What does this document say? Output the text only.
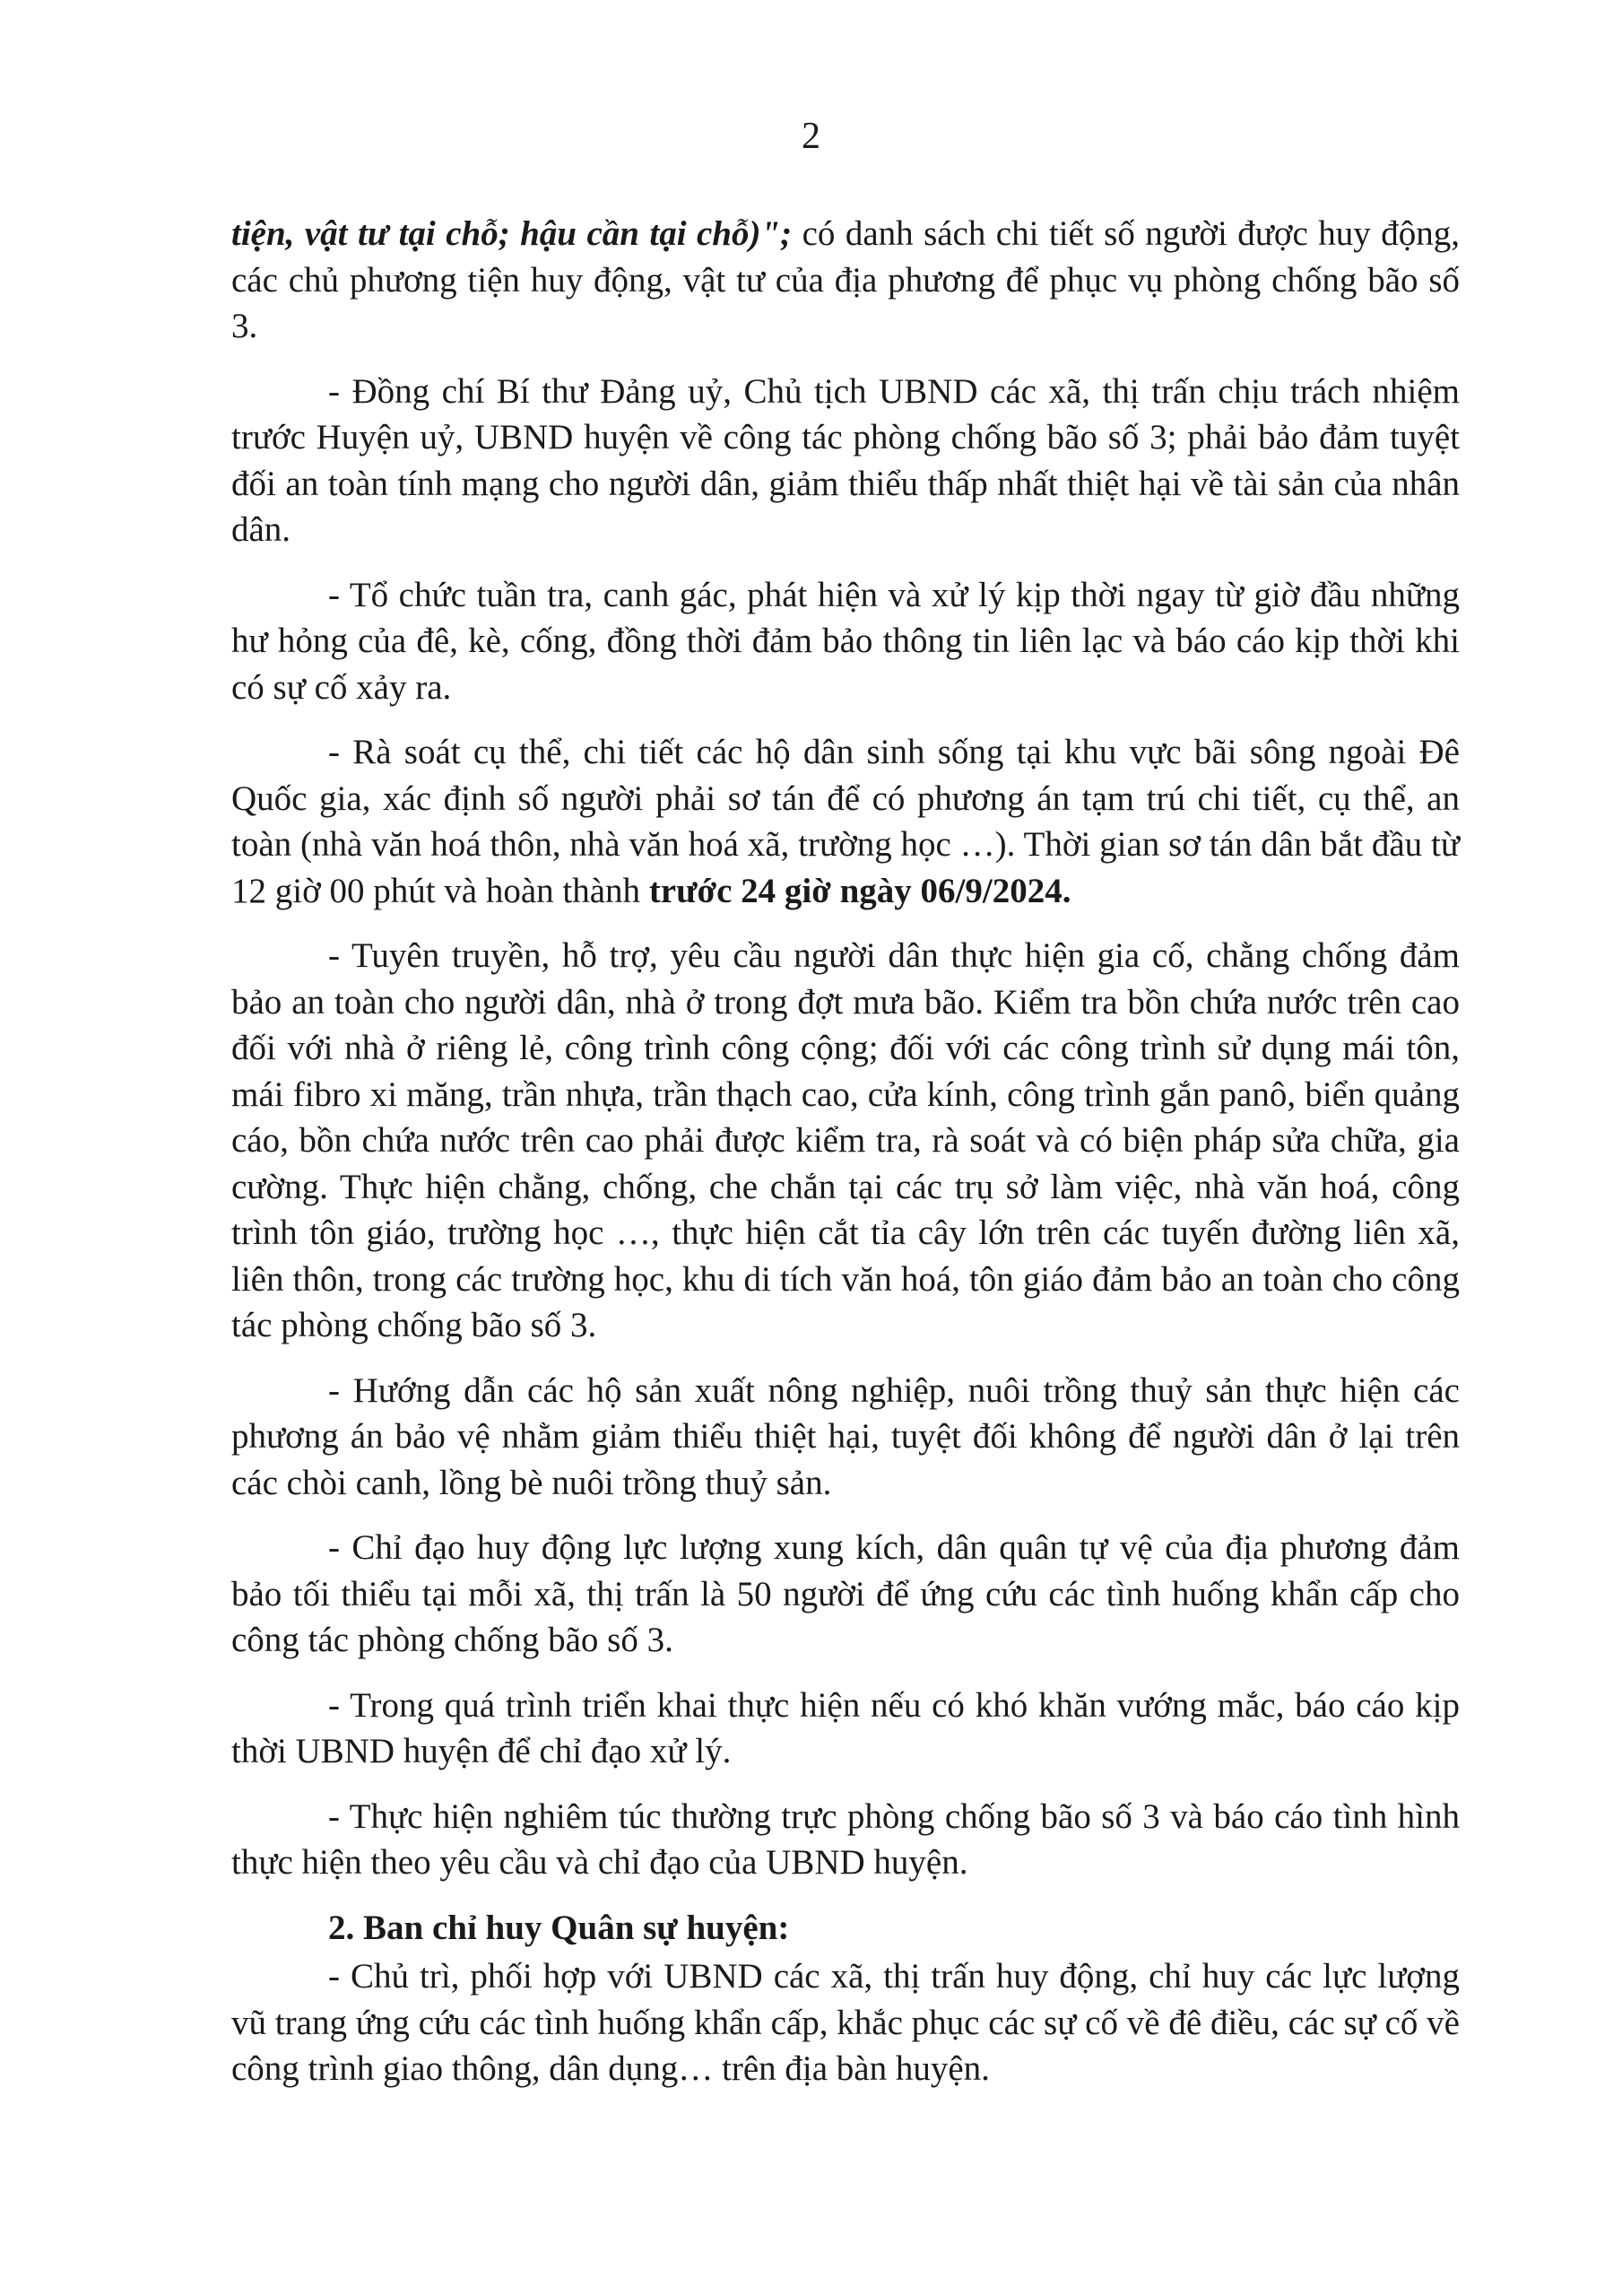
2

tiện, vật tư tại chỗ; hậu cần tại chỗ)"; có danh sách chi tiết số người được huy động, các chủ phương tiện huy động, vật tư của địa phương để phục vụ phòng chống bão số 3.

- Đồng chí Bí thư Đảng uỷ, Chủ tịch UBND các xã, thị trấn chịu trách nhiệm trước Huyện uỷ, UBND huyện về công tác phòng chống bão số 3; phải bảo đảm tuyệt đối an toàn tính mạng cho người dân, giảm thiểu thấp nhất thiệt hại về tài sản của nhân dân.

- Tổ chức tuần tra, canh gác, phát hiện và xử lý kịp thời ngay từ giờ đầu những hư hỏng của đê, kè, cống, đồng thời đảm bảo thông tin liên lạc và báo cáo kịp thời khi có sự cố xảy ra.

- Rà soát cụ thể, chi tiết các hộ dân sinh sống tại khu vực bãi sông ngoài Đê Quốc gia, xác định số người phải sơ tán để có phương án tạm trú chi tiết, cụ thể, an toàn (nhà văn hoá thôn, nhà văn hoá xã, trường học …). Thời gian sơ tán dân bắt đầu từ 12 giờ 00 phút và hoàn thành trước 24 giờ ngày 06/9/2024.

- Tuyên truyền, hỗ trợ, yêu cầu người dân thực hiện gia cố, chằng chống đảm bảo an toàn cho người dân, nhà ở trong đợt mưa bão. Kiểm tra bồn chứa nước trên cao đối với nhà ở riêng lẻ, công trình công cộng; đối với các công trình sử dụng mái tôn, mái fibro xi măng, trần nhựa, trần thạch cao, cửa kính, công trình gắn panô, biển quảng cáo, bồn chứa nước trên cao phải được kiểm tra, rà soát và có biện pháp sửa chữa, gia cường. Thực hiện chằng, chống, che chắn tại các trụ sở làm việc, nhà văn hoá, công trình tôn giáo, trường học …, thực hiện cắt tỉa cây lớn trên các tuyến đường liên xã, liên thôn, trong các trường học, khu di tích văn hoá, tôn giáo đảm bảo an toàn cho công tác phòng chống bão số 3.

- Hướng dẫn các hộ sản xuất nông nghiệp, nuôi trồng thuỷ sản thực hiện các phương án bảo vệ nhằm giảm thiểu thiệt hại, tuyệt đối không để người dân ở lại trên các chòi canh, lồng bè nuôi trồng thuỷ sản.

- Chỉ đạo huy động lực lượng xung kích, dân quân tự vệ của địa phương đảm bảo tối thiểu tại mỗi xã, thị trấn là 50 người để ứng cứu các tình huống khẩn cấp cho công tác phòng chống bão số 3.

- Trong quá trình triển khai thực hiện nếu có khó khăn vướng mắc, báo cáo kịp thời UBND huyện để chỉ đạo xử lý.

- Thực hiện nghiêm túc thường trực phòng chống bão số 3 và báo cáo tình hình thực hiện theo yêu cầu và chỉ đạo của UBND huyện.

2. Ban chỉ huy Quân sự huyện:

- Chủ trì, phối hợp với UBND các xã, thị trấn huy động, chỉ huy các lực lượng vũ trang ứng cứu các tình huống khẩn cấp, khắc phục các sự cố về đê điều, các sự cố về công trình giao thông, dân dụng… trên địa bàn huyện.
